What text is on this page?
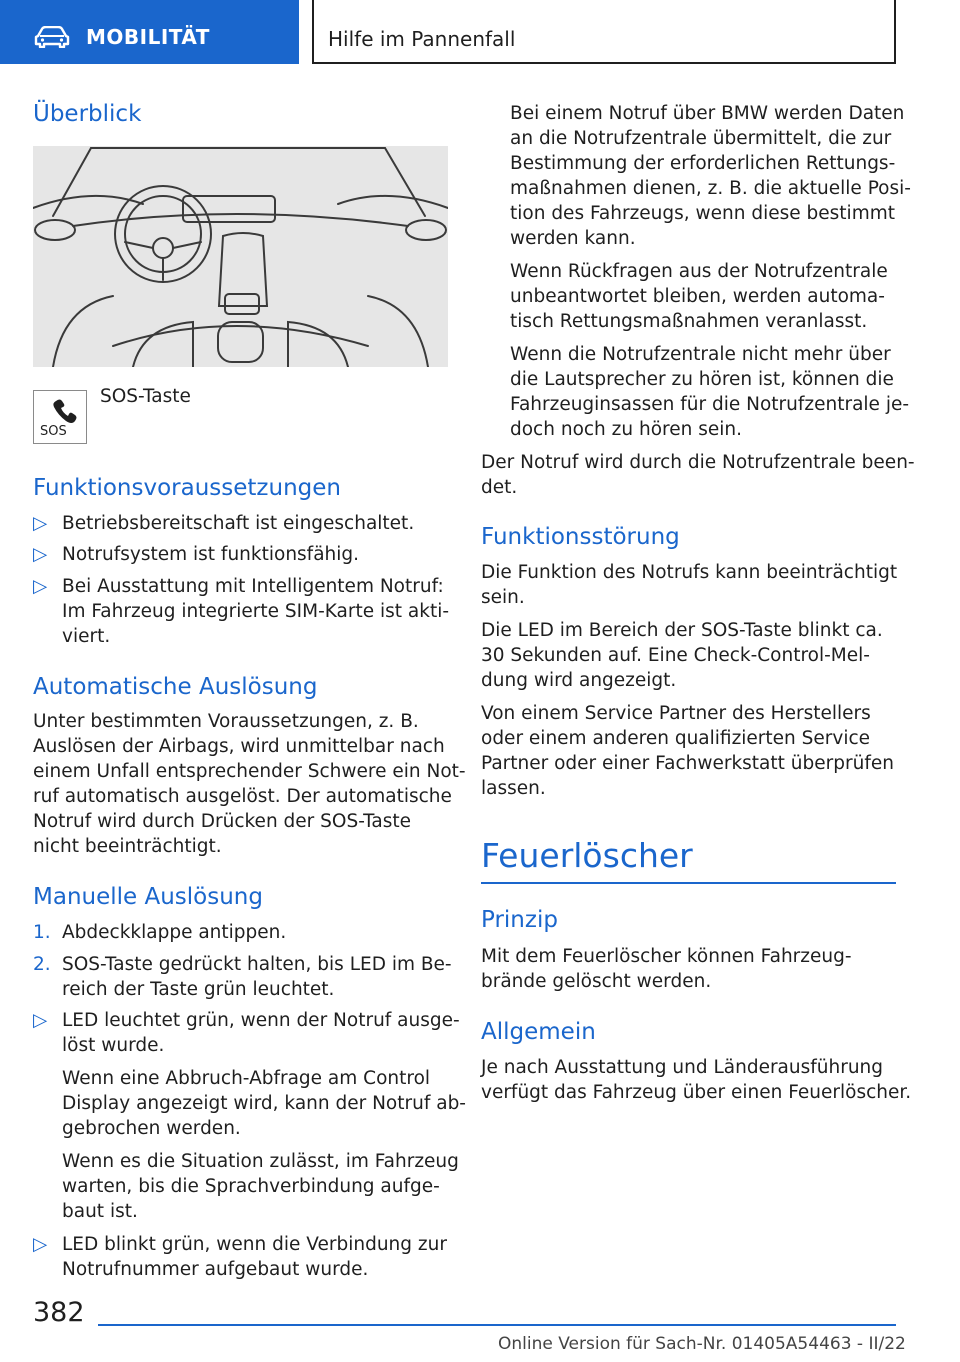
MOBILITÄT	Hilfe im Pannenfall
Überblick
SOS
SOS-Taste
Funktionsvoraussetzungen
▷ Betriebsbereitschaft ist eingeschaltet.
▷ Notrufsystem ist funktionsfähig.
▷ Bei Ausstattung mit Intelligentem Notruf:
Im Fahrzeug integrierte SIM-Karte ist akti-
viert.
Automatische Auslösung
Unter bestimmten Voraussetzungen, z. B.
Auslösen der Airbags, wird unmittelbar nach
einem Unfall entsprechender Schwere ein Not-
ruf automatisch ausgelöst. Der automatische
Notruf wird durch Drücken der SOS-Taste
nicht beeinträchtigt.
Manuelle Auslösung
1. Abdeckklappe antippen.
2. SOS-Taste gedrückt halten, bis LED im Be-
reich der Taste grün leuchtet.
▷ LED leuchtet grün, wenn der Notruf ausge-
löst wurde.
Wenn eine Abbruch-Abfrage am Control
Display angezeigt wird, kann der Notruf ab-
gebrochen werden.
Wenn es die Situation zulässt, im Fahrzeug
warten, bis die Sprachverbindung aufge-
baut ist.
▷ LED blinkt grün, wenn die Verbindung zur
Notrufnummer aufgebaut wurde.
Bei einem Notruf über BMW werden Daten
an die Notrufzentrale übermittelt, die zur
Bestimmung der erforderlichen Rettungs-
maßnahmen dienen, z. B. die aktuelle Posi-
tion des Fahrzeugs, wenn diese bestimmt
werden kann.
Wenn Rückfragen aus der Notrufzentrale
unbeantwortet bleiben, werden automa-
tisch Rettungsmaßnahmen veranlasst.
Wenn die Notrufzentrale nicht mehr über
die Lautsprecher zu hören ist, können die
Fahrzeuginsassen für die Notrufzentrale je-
doch noch zu hören sein.
Der Notruf wird durch die Notrufzentrale been-
det.
Funktionsstörung
Die Funktion des Notrufs kann beeinträchtigt
sein.
Die LED im Bereich der SOS-Taste blinkt ca.
30 Sekunden auf. Eine Check-Control-Mel-
dung wird angezeigt.
Von einem Service Partner des Herstellers
oder einem anderen qualifizierten Service
Partner oder einer Fachwerkstatt überprüfen
lassen.
Feuerlöscher
Prinzip
Mit dem Feuerlöscher können Fahrzeug-
brände gelöscht werden.
Allgemein
Je nach Ausstattung und Länderausführung
verfügt das Fahrzeug über einen Feuerlöscher.
382
Online Version für Sach-Nr. 01405A54463 - II/22
